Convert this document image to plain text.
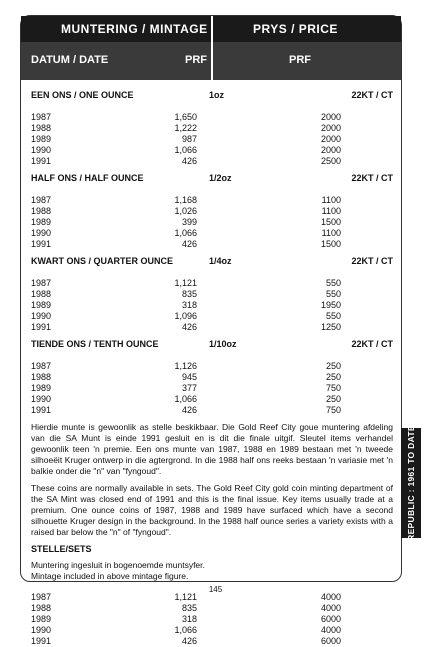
MUNTERING / MINTAGE	PRYS / PRICE
DATUM / DATE	PRF	PRF
EEN ONS / ONE OUNCE	1oz	22KT / CT
1987	1,650	2000
1988	1,222	2000
1989	987	2000
1990	1,066	2000
1991	426	2500
HALF ONS / HALF OUNCE	1/2oz	22KT / CT
1987	1,168	1100
1988	1,026	1100
1989	399	1500
1990	1,066	1100
1991	426	1500
KWART ONS / QUARTER OUNCE	1/4oz	22KT / CT
1987	1,121	550
1988	835	550
1989	318	1950
1990	1,096	550
1991	426	1250
TIENDE ONS / TENTH OUNCE	1/10oz	22KT / CT
1987	1,126	250
1988	945	250
1989	377	750
1990	1,066	250
1991	426	750

Hierdie munte is gewoonlik as stelle beskikbaar. Die Gold Reef City goue muntering afdeling van die SA Munt is einde 1991 gesluit en is dit die finale uitgif. Sleutel items verhandel gewoonlik teen 'n premie. Een ons munte van 1987, 1988 en 1989 bestaan met 'n tweede silhoeëit Kruger ontwerp in die agtergrond. In die 1988 half ons reeks bestaan 'n variasie met 'n balkie onder die "n" van "fyngoud".

These coins are normally available in sets. The Gold Reef City gold coin minting department of the SA Mint was closed end of 1991 and this is the final issue. Key items usually trade at a premium. One ounce coins of 1987, 1988 and 1989 have surfaced which have a second silhouette Kruger design in the background. In the 1988 half ounce series a variety exists with a raised bar below the "n" of "fyngoud".

STELLE/SETS
Muntering ingesluit in bogenoemde muntsyfer.
Mintage included in above mintage figure.
1987	1,121	4000
1988	835	4000
1989	318	6000
1990	1,066	4000
1991	426	6000
REPUBLIC : 1961 TO DATE
145
